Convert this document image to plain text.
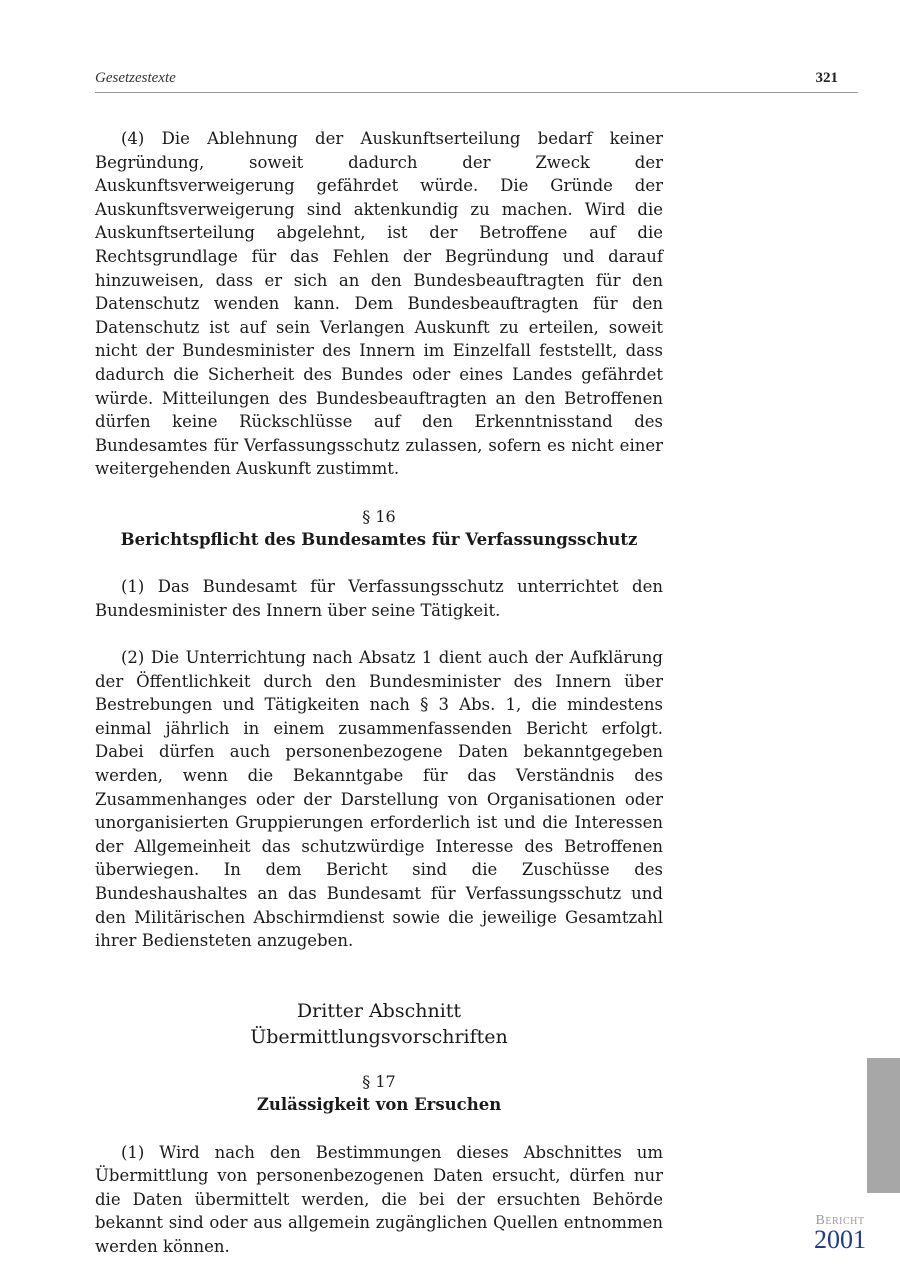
Gesetzestexte	321

(4) Die Ablehnung der Auskunftserteilung bedarf keiner Begründung, soweit dadurch der Zweck der Auskunftsverweigerung gefährdet würde. Die Gründe der Auskunftsverweigerung sind aktenkundig zu machen. Wird die Auskunftserteilung abgelehnt, ist der Betroffene auf die Rechtsgrundlage für das Fehlen der Begründung und darauf hinzuweisen, dass er sich an den Bundesbeauftragten für den Datenschutz wenden kann. Dem Bundesbeauftragten für den Datenschutz ist auf sein Verlangen Auskunft zu erteilen, soweit nicht der Bundesminister des Innern im Einzelfall feststellt, dass dadurch die Sicherheit des Bundes oder eines Landes gefährdet würde. Mitteilungen des Bundesbeauftragten an den Betroffenen dürfen keine Rückschlüsse auf den Erkenntnisstand des Bundesamtes für Verfassungsschutz zulassen, sofern es nicht einer weitergehenden Auskunft zustimmt.

§ 16

Berichtspflicht des Bundesamtes für Verfassungsschutz

(1) Das Bundesamt für Verfassungsschutz unterrichtet den Bundesminister des Innern über seine Tätigkeit.

(2) Die Unterrichtung nach Absatz 1 dient auch der Aufklärung der Öffentlichkeit durch den Bundesminister des Innern über Bestrebungen und Tätigkeiten nach § 3 Abs. 1, die mindestens einmal jährlich in einem zusammenfassenden Bericht erfolgt. Dabei dürfen auch personenbezogene Daten bekanntgegeben werden, wenn die Bekanntgabe für das Verständnis des Zusammenhanges oder der Darstellung von Organisationen oder unorganisierten Gruppierungen erforderlich ist und die Interessen der Allgemeinheit das schutzwürdige Interesse des Betroffenen überwiegen. In dem Bericht sind die Zuschüsse des Bundeshaushaltes an das Bundesamt für Verfassungsschutz und den Militärischen Abschirmdienst sowie die jeweilige Gesamtzahl ihrer Bediensteten anzugeben.

Dritter Abschnitt

Übermittlungsvorschriften

§ 17

Zulässigkeit von Ersuchen

(1) Wird nach den Bestimmungen dieses Abschnittes um Übermittlung von personenbezogenen Daten ersucht, dürfen nur die Daten übermittelt werden, die bei der ersuchten Behörde bekannt sind oder aus allgemein zugänglichen Quellen entnommen werden können.

Bericht
2001
